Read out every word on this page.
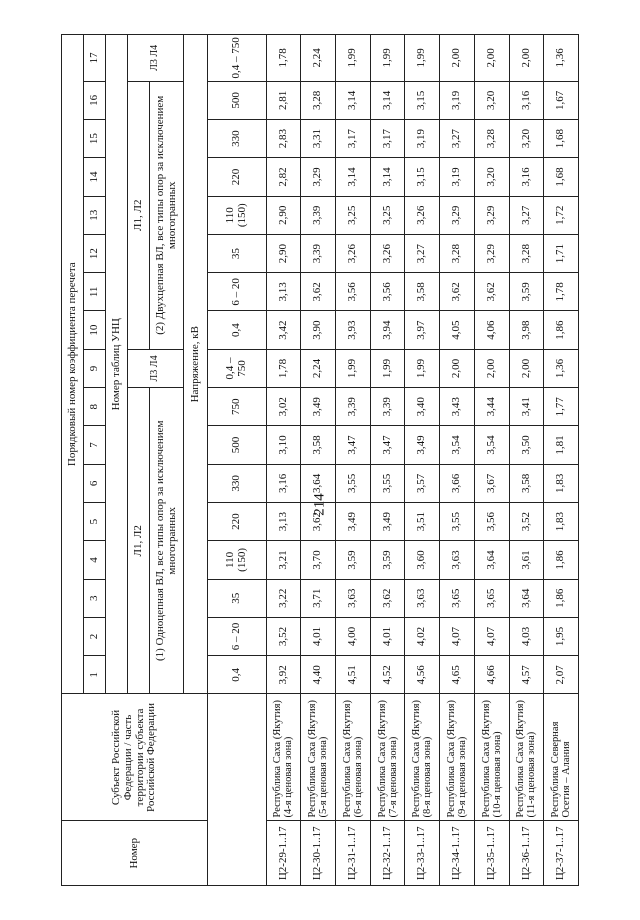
214
Номер	Субъект Российской Федерации / часть территории субъекта Российской Федерации	Порядковый номер коэффициента перечета																
		1	2	3	4	5	6	7	8	9	10	11	12	13	14	15	16	17
		Номер таблиц УНЦ																
		Л1, Л2								Л3 Л4	Л1, Л2							Л3 Л4
		(1) Одноцепная ВЛ, все типы опор за исключением многогранных									(2) Двухцепная ВЛ, все типы опор за исключением многогранных							
		Напряжение, кВ																
		0,4	6 – 20	35	110 (150)	220	330	500	750	0,4 – 750	0,4	6 – 20	35	110 (150)	220	330	500	0,4 – 750
Ц2-29-1..17	Республика Саха (Якутия) (4-я ценовая зона)	3,92	3,52	3,22	3,21	3,13	3,16	3,10	3,02	1,78	3,42	3,13	2,90	2,90	2,82	2,83	2,81	1,78
Ц2-30-1..17	Республика Саха (Якутия) (5-я ценовая зона)	4,40	4,01	3,71	3,70	3,62	3,64	3,58	3,49	2,24	3,90	3,62	3,39	3,39	3,29	3,31	3,28	2,24
Ц2-31-1..17	Республика Саха (Якутия) (6-я ценовая зона)	4,51	4,00	3,63	3,59	3,49	3,55	3,47	3,39	1,99	3,93	3,56	3,26	3,25	3,14	3,17	3,14	1,99
Ц2-32-1..17	Республика Саха (Якутия) (7-я ценовая зона)	4,52	4,01	3,62	3,59	3,49	3,55	3,47	3,39	1,99	3,94	3,56	3,26	3,25	3,14	3,17	3,14	1,99
Ц2-33-1..17	Республика Саха (Якутия) (8-я ценовая зона)	4,56	4,02	3,63	3,60	3,51	3,57	3,49	3,40	1,99	3,97	3,58	3,27	3,26	3,15	3,19	3,15	1,99
Ц2-34-1..17	Республика Саха (Якутия) (9-я ценовая зона)	4,65	4,07	3,65	3,63	3,55	3,66	3,54	3,43	2,00	4,05	3,62	3,28	3,29	3,19	3,27	3,19	2,00
Ц2-35-1..17	Республика Саха (Якутия) (10-я ценовая зона)	4,66	4,07	3,65	3,64	3,56	3,67	3,54	3,44	2,00	4,06	3,62	3,29	3,29	3,20	3,28	3,20	2,00
Ц2-36-1..17	Республика Саха (Якутия) (11-я ценовая зона)	4,57	4,03	3,64	3,61	3,52	3,58	3,50	3,41	2,00	3,98	3,59	3,28	3,27	3,16	3,20	3,16	2,00
Ц2-37-1..17	Республика Северная Осетия – Алания	2,07	1,95	1,86	1,86	1,83	1,83	1,81	1,77	1,36	1,86	1,78	1,71	1,72	1,68	1,68	1,67	1,36
